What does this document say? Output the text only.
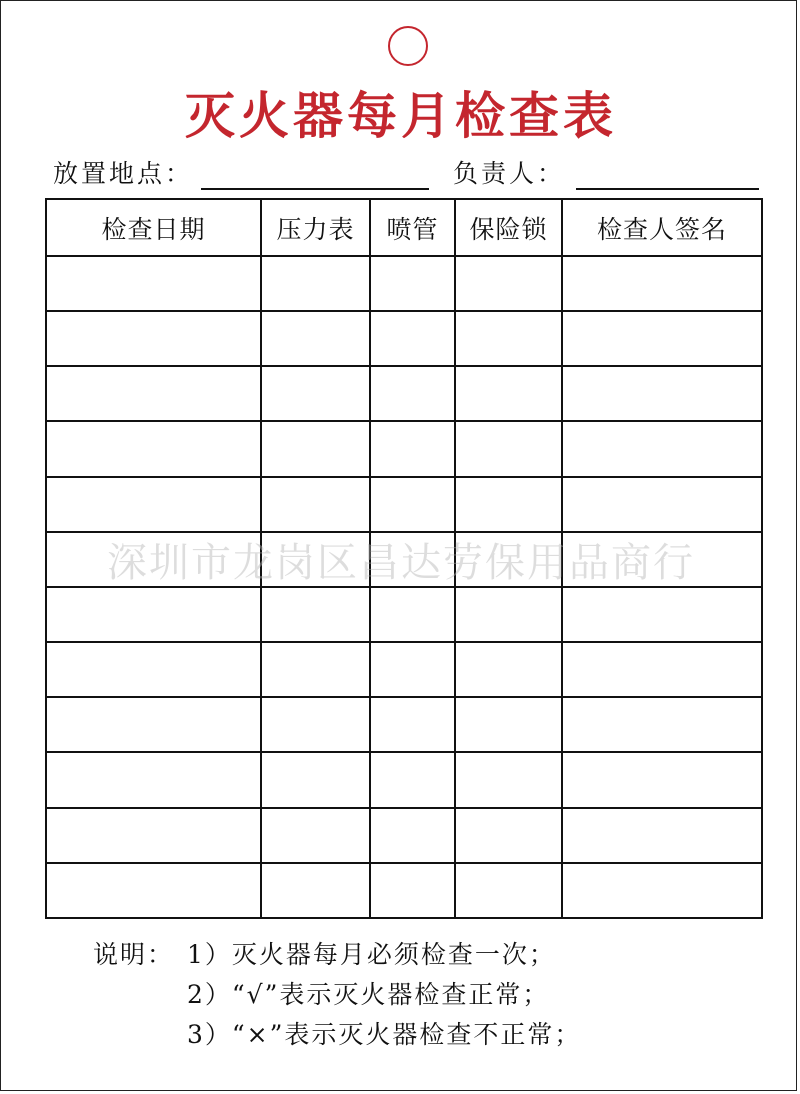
灭火器每月检查表
放置地点：	负责人：
检查日期	压力表	喷管	保险锁	检查人签名

深圳市龙岗区昌达劳保用品商行
说明： 1）灭火器每月必须检查一次；
2）“√”表示灭火器检查正常；
3）“×”表示灭火器检查不正常；
